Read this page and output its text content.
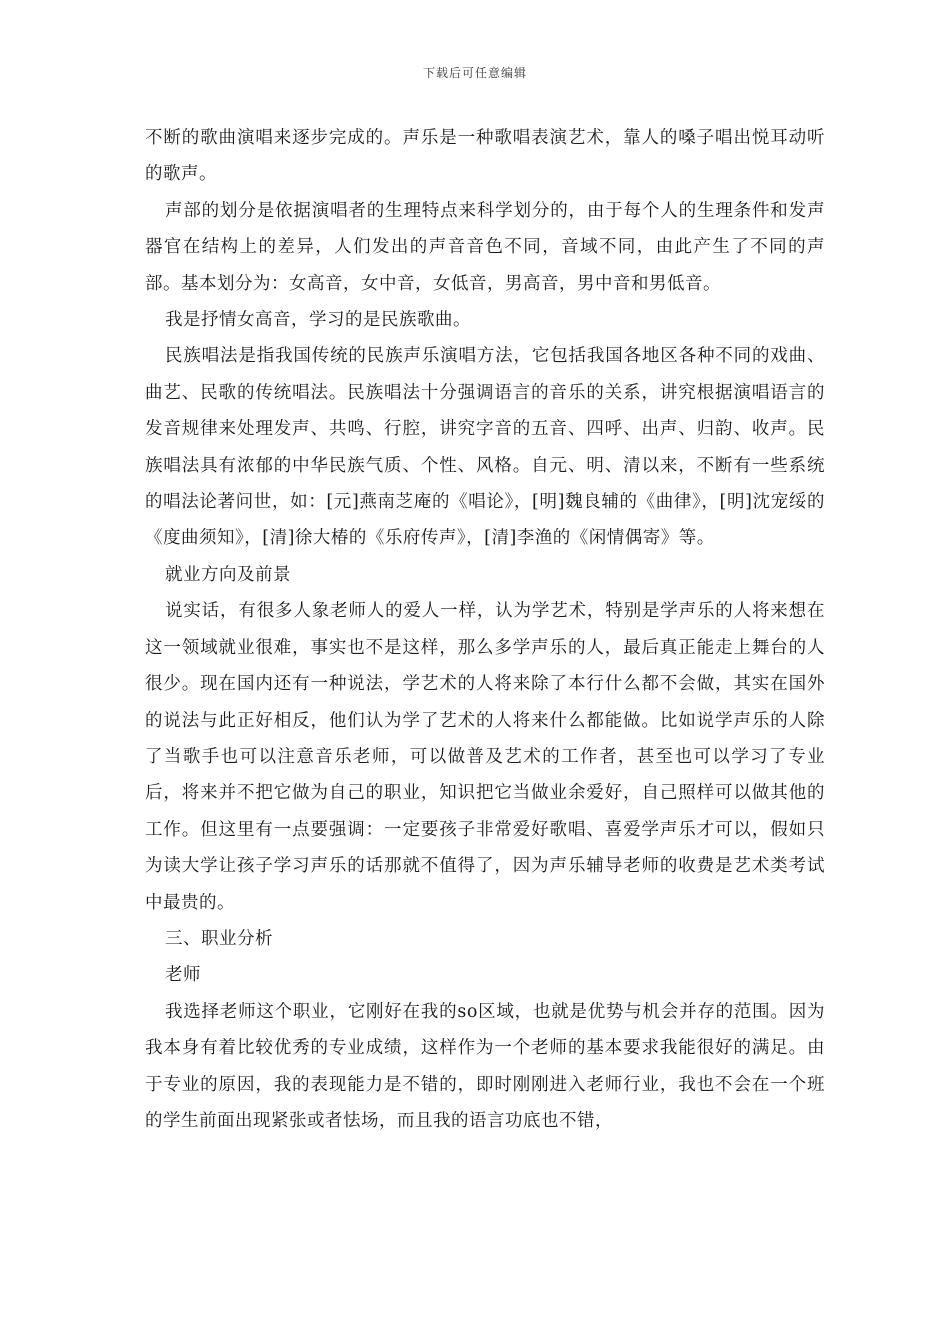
下载后可任意编辑

不断的歌曲演唱来逐步完成的。声乐是一种歌唱表演艺术，靠人的嗓子唱出悦耳动听的歌声。

声部的划分是依据演唱者的生理特点来科学划分的，由于每个人的生理条件和发声器官在结构上的差异，人们发出的声音音色不同，音域不同，由此产生了不同的声部。基本划分为：女高音，女中音，女低音，男高音，男中音和男低音。

我是抒情女高音，学习的是民族歌曲。

民族唱法是指我国传统的民族声乐演唱方法，它包括我国各地区各种不同的戏曲、曲艺、民歌的传统唱法。民族唱法十分强调语言的音乐的关系，讲究根据演唱语言的发音规律来处理发声、共鸣、行腔，讲究字音的五音、四呼、出声、归韵、收声。民族唱法具有浓郁的中华民族气质、个性、风格。自元、明、清以来，不断有一些系统的唱法论著问世，如：[元]燕南芝庵的《唱论》，[明]魏良辅的《曲律》，[明]沈宠绥的《度曲须知》，[清]徐大椿的《乐府传声》，[清]李渔的《闲情偶寄》等。

就业方向及前景

说实话，有很多人象老师人的爱人一样，认为学艺术，特别是学声乐的人将来想在这一领域就业很难，事实也不是这样，那么多学声乐的人，最后真正能走上舞台的人很少。现在国内还有一种说法，学艺术的人将来除了本行什么都不会做，其实在国外的说法与此正好相反，他们认为学了艺术的人将来什么都能做。比如说学声乐的人除了当歌手也可以注意音乐老师，可以做普及艺术的工作者，甚至也可以学习了专业后，将来并不把它做为自己的职业，知识把它当做业余爱好，自己照样可以做其他的工作。但这里有一点要强调：一定要孩子非常爱好歌唱、喜爱学声乐才可以，假如只为读大学让孩子学习声乐的话那就不值得了，因为声乐辅导老师的收费是艺术类考试中最贵的。

三、职业分析

老师

我选择老师这个职业，它刚好在我的so区域，也就是优势与机会并存的范围。因为我本身有着比较优秀的专业成绩，这样作为一个老师的基本要求我能很好的满足。由于专业的原因，我的表现能力是不错的，即时刚刚进入老师行业，我也不会在一个班的学生前面出现紧张或者怯场，而且我的语言功底也不错，
